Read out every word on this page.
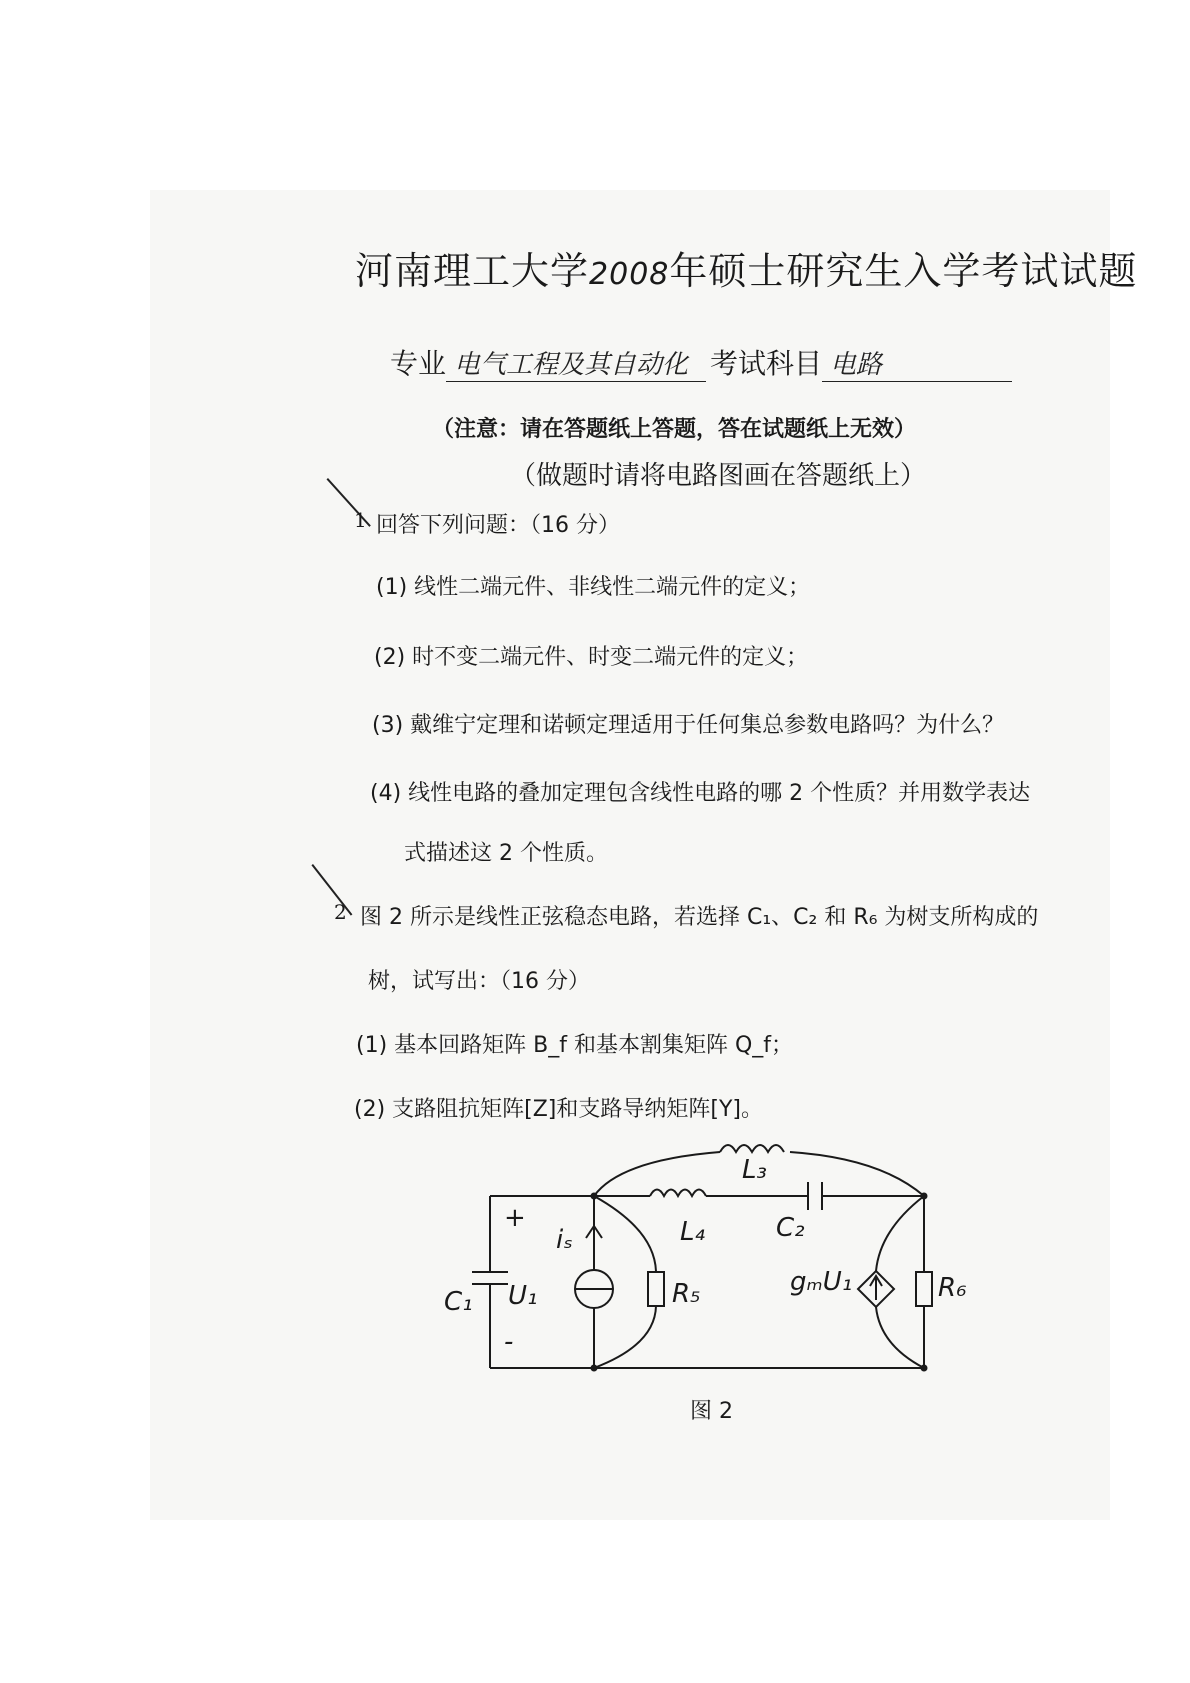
河南理工大学2008年硕士研究生入学考试试题
专业 电气工程及其自动化 考试科目 电路
（注意：请在答题纸上答题，答在试题纸上无效）
（做题时请将电路图画在答题纸上）
1 回答下列问题：（16 分）
(1) 线性二端元件、非线性二端元件的定义；
(2) 时不变二端元件、时变二端元件的定义；
(3) 戴维宁定理和诺顿定理适用于任何集总参数电路吗？为什么？
(4) 线性电路的叠加定理包含线性电路的哪 2 个性质？并用数学表达
式描述这 2 个性质。
2 图 2 所示是线性正弦稳态电路，若选择 C₁、C₂ 和 R₆ 为树支所构成的
树，试写出：（16 分）
(1) 基本回路矩阵 B_f 和基本割集矩阵 Q_f；
(2) 支路阻抗矩阵[Z]和支路导纳矩阵[Y]。
L₃
L₄	C₂
C₁ U₁
iₛ
R₅	R₆
gₘU₁
+
-
图 2
